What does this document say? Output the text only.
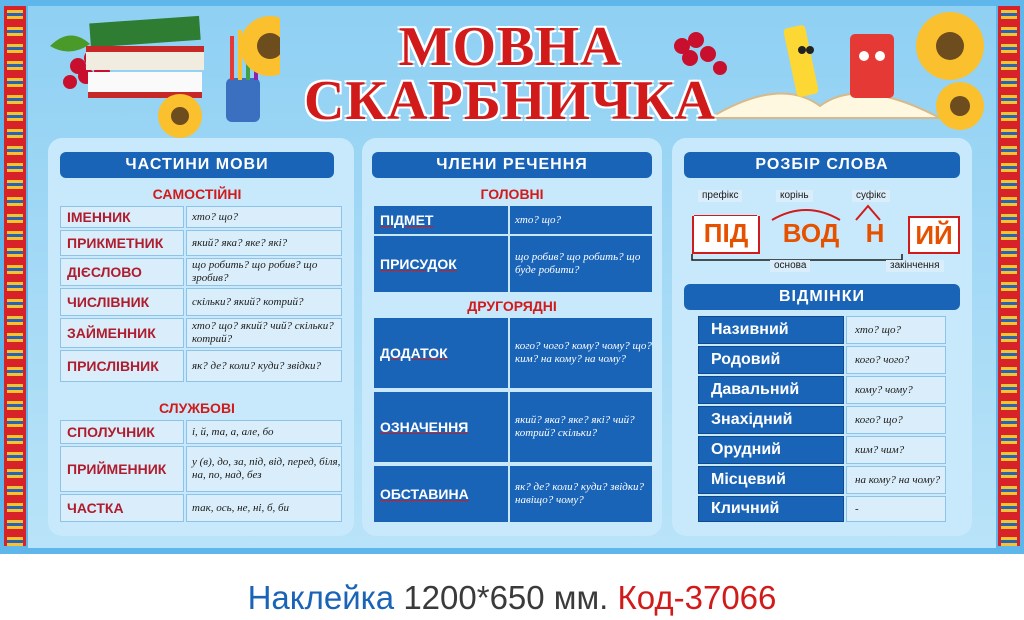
МОВНА
СКАРБНИЧКА
ЧАСТИНИ МОВИ
САМОСТІЙНІ
ІМЕННИК	хто? що?
ПРИКМЕТНИК	який? яка? яке? які?
ДІЄСЛОВО	що робить? що робив? що зробив?
ЧИСЛІВНИК	скільки? який? котрий?
ЗАЙМЕННИК	хто? що? який? чий? скільки? котрий?
ПРИСЛІВНИК	як? де? коли? куди? звідки?
СЛУЖБОВІ
СПОЛУЧНИК	і, й, та, а, але, бо
ПРИЙМЕННИК	у (в), до, за, під, від, перед, біля, на, по, над, без
ЧАСТКА	так, ось, не, ні, б, би
ЧЛЕНИ РЕЧЕННЯ
ГОЛОВНІ
ПІДМЕТ	хто? що?
ПРИСУДОК	що робив? що робить? що буде робити?
ДРУГОРЯДНІ
ДОДАТОК	кого? чого? кому? чому? що? ким? на кому? на чому?
ОЗНАЧЕННЯ	який? яка? яке? які? чий? котрий? скільки?
ОБСТАВИНА	як? де? коли? куди? звідки? навіщо? чому?
РОЗБІР СЛОВА
префікс	корінь	суфікс
ПІД	ВОД	Н ИЙ
основа	закінчення
ВІДМІНКИ
Називний	хто? що?
Родовий	кого? чого?
Давальний	кому? чому?
Знахідний	кого? що?
Орудний	ким? чим?
Місцевий	на кому? на чому?
Кличний	-
Наклейка 1200*650 мм. Код-37066
